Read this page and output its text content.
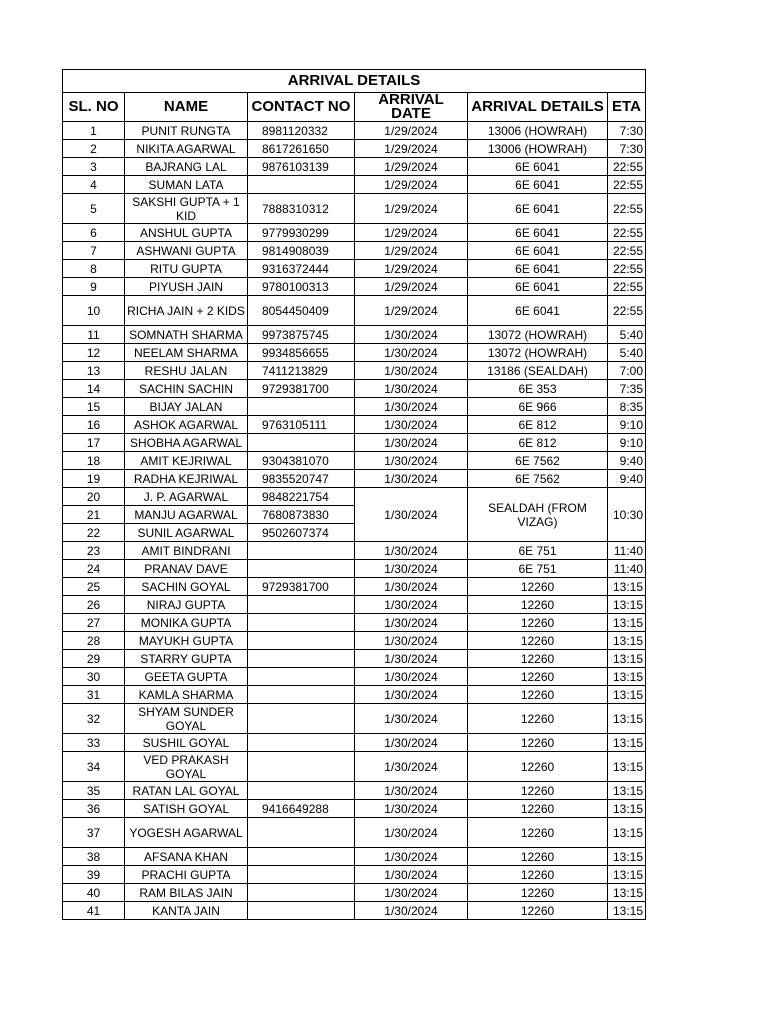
ARRIVAL DETAILS					
SL. NO	NAME	CONTACT NO	ARRIVAL DATE	ARRIVAL DETAILS	ETA
1	PUNIT RUNGTA	8981120332	1/29/2024	13006 (HOWRAH)	7:30
2	NIKITA AGARWAL	8617261650	1/29/2024	13006 (HOWRAH)	7:30
3	BAJRANG LAL	9876103139	1/29/2024	6E 6041	22:55
4	SUMAN LATA		1/29/2024	6E 6041	22:55
5	SAKSHI GUPTA + 1 KID	7888310312	1/29/2024	6E 6041	22:55
6	ANSHUL GUPTA	9779930299	1/29/2024	6E 6041	22:55
7	ASHWANI GUPTA	9814908039	1/29/2024	6E 6041	22:55
8	RITU GUPTA	9316372444	1/29/2024	6E 6041	22:55
9	PIYUSH JAIN	9780100313	1/29/2024	6E 6041	22:55
10	RICHA JAIN + 2 KIDS	8054450409	1/29/2024	6E 6041	22:55
11	SOMNATH SHARMA	9973875745	1/30/2024	13072 (HOWRAH)	5:40
12	NEELAM SHARMA	9934856655	1/30/2024	13072 (HOWRAH)	5:40
13	RESHU JALAN	7411213829	1/30/2024	13186 (SEALDAH)	7:00
14	SACHIN SACHIN	9729381700	1/30/2024	6E 353	7:35
15	BIJAY JALAN		1/30/2024	6E 966	8:35
16	ASHOK AGARWAL	9763105111	1/30/2024	6E 812	9:10
17	SHOBHA AGARWAL		1/30/2024	6E 812	9:10
18	AMIT KEJRIWAL	9304381070	1/30/2024	6E 7562	9:40
19	RADHA KEJRIWAL	9835520747	1/30/2024	6E 7562	9:40
20	J. P. AGARWAL	9848221754	1/30/2024	SEALDAH (FROM VIZAG)	10:30
21	MANJU AGARWAL	7680873830			
22	SUNIL AGARWAL	9502607374			
23	AMIT BINDRANI		1/30/2024	6E 751	11:40
24	PRANAV DAVE		1/30/2024	6E 751	11:40
25	SACHIN GOYAL	9729381700	1/30/2024	12260	13:15
26	NIRAJ GUPTA		1/30/2024	12260	13:15
27	MONIKA GUPTA		1/30/2024	12260	13:15
28	MAYUKH GUPTA		1/30/2024	12260	13:15
29	STARRY GUPTA		1/30/2024	12260	13:15
30	GEETA GUPTA		1/30/2024	12260	13:15
31	KAMLA SHARMA		1/30/2024	12260	13:15
32	SHYAM SUNDER GOYAL		1/30/2024	12260	13:15
33	SUSHIL GOYAL		1/30/2024	12260	13:15
34	VED PRAKASH GOYAL		1/30/2024	12260	13:15
35	RATAN LAL GOYAL		1/30/2024	12260	13:15
36	SATISH GOYAL	9416649288	1/30/2024	12260	13:15
37	YOGESH AGARWAL		1/30/2024	12260	13:15
38	AFSANA KHAN		1/30/2024	12260	13:15
39	PRACHI GUPTA		1/30/2024	12260	13:15
40	RAM BILAS JAIN		1/30/2024	12260	13:15
41	KANTA JAIN		1/30/2024	12260	13:15
